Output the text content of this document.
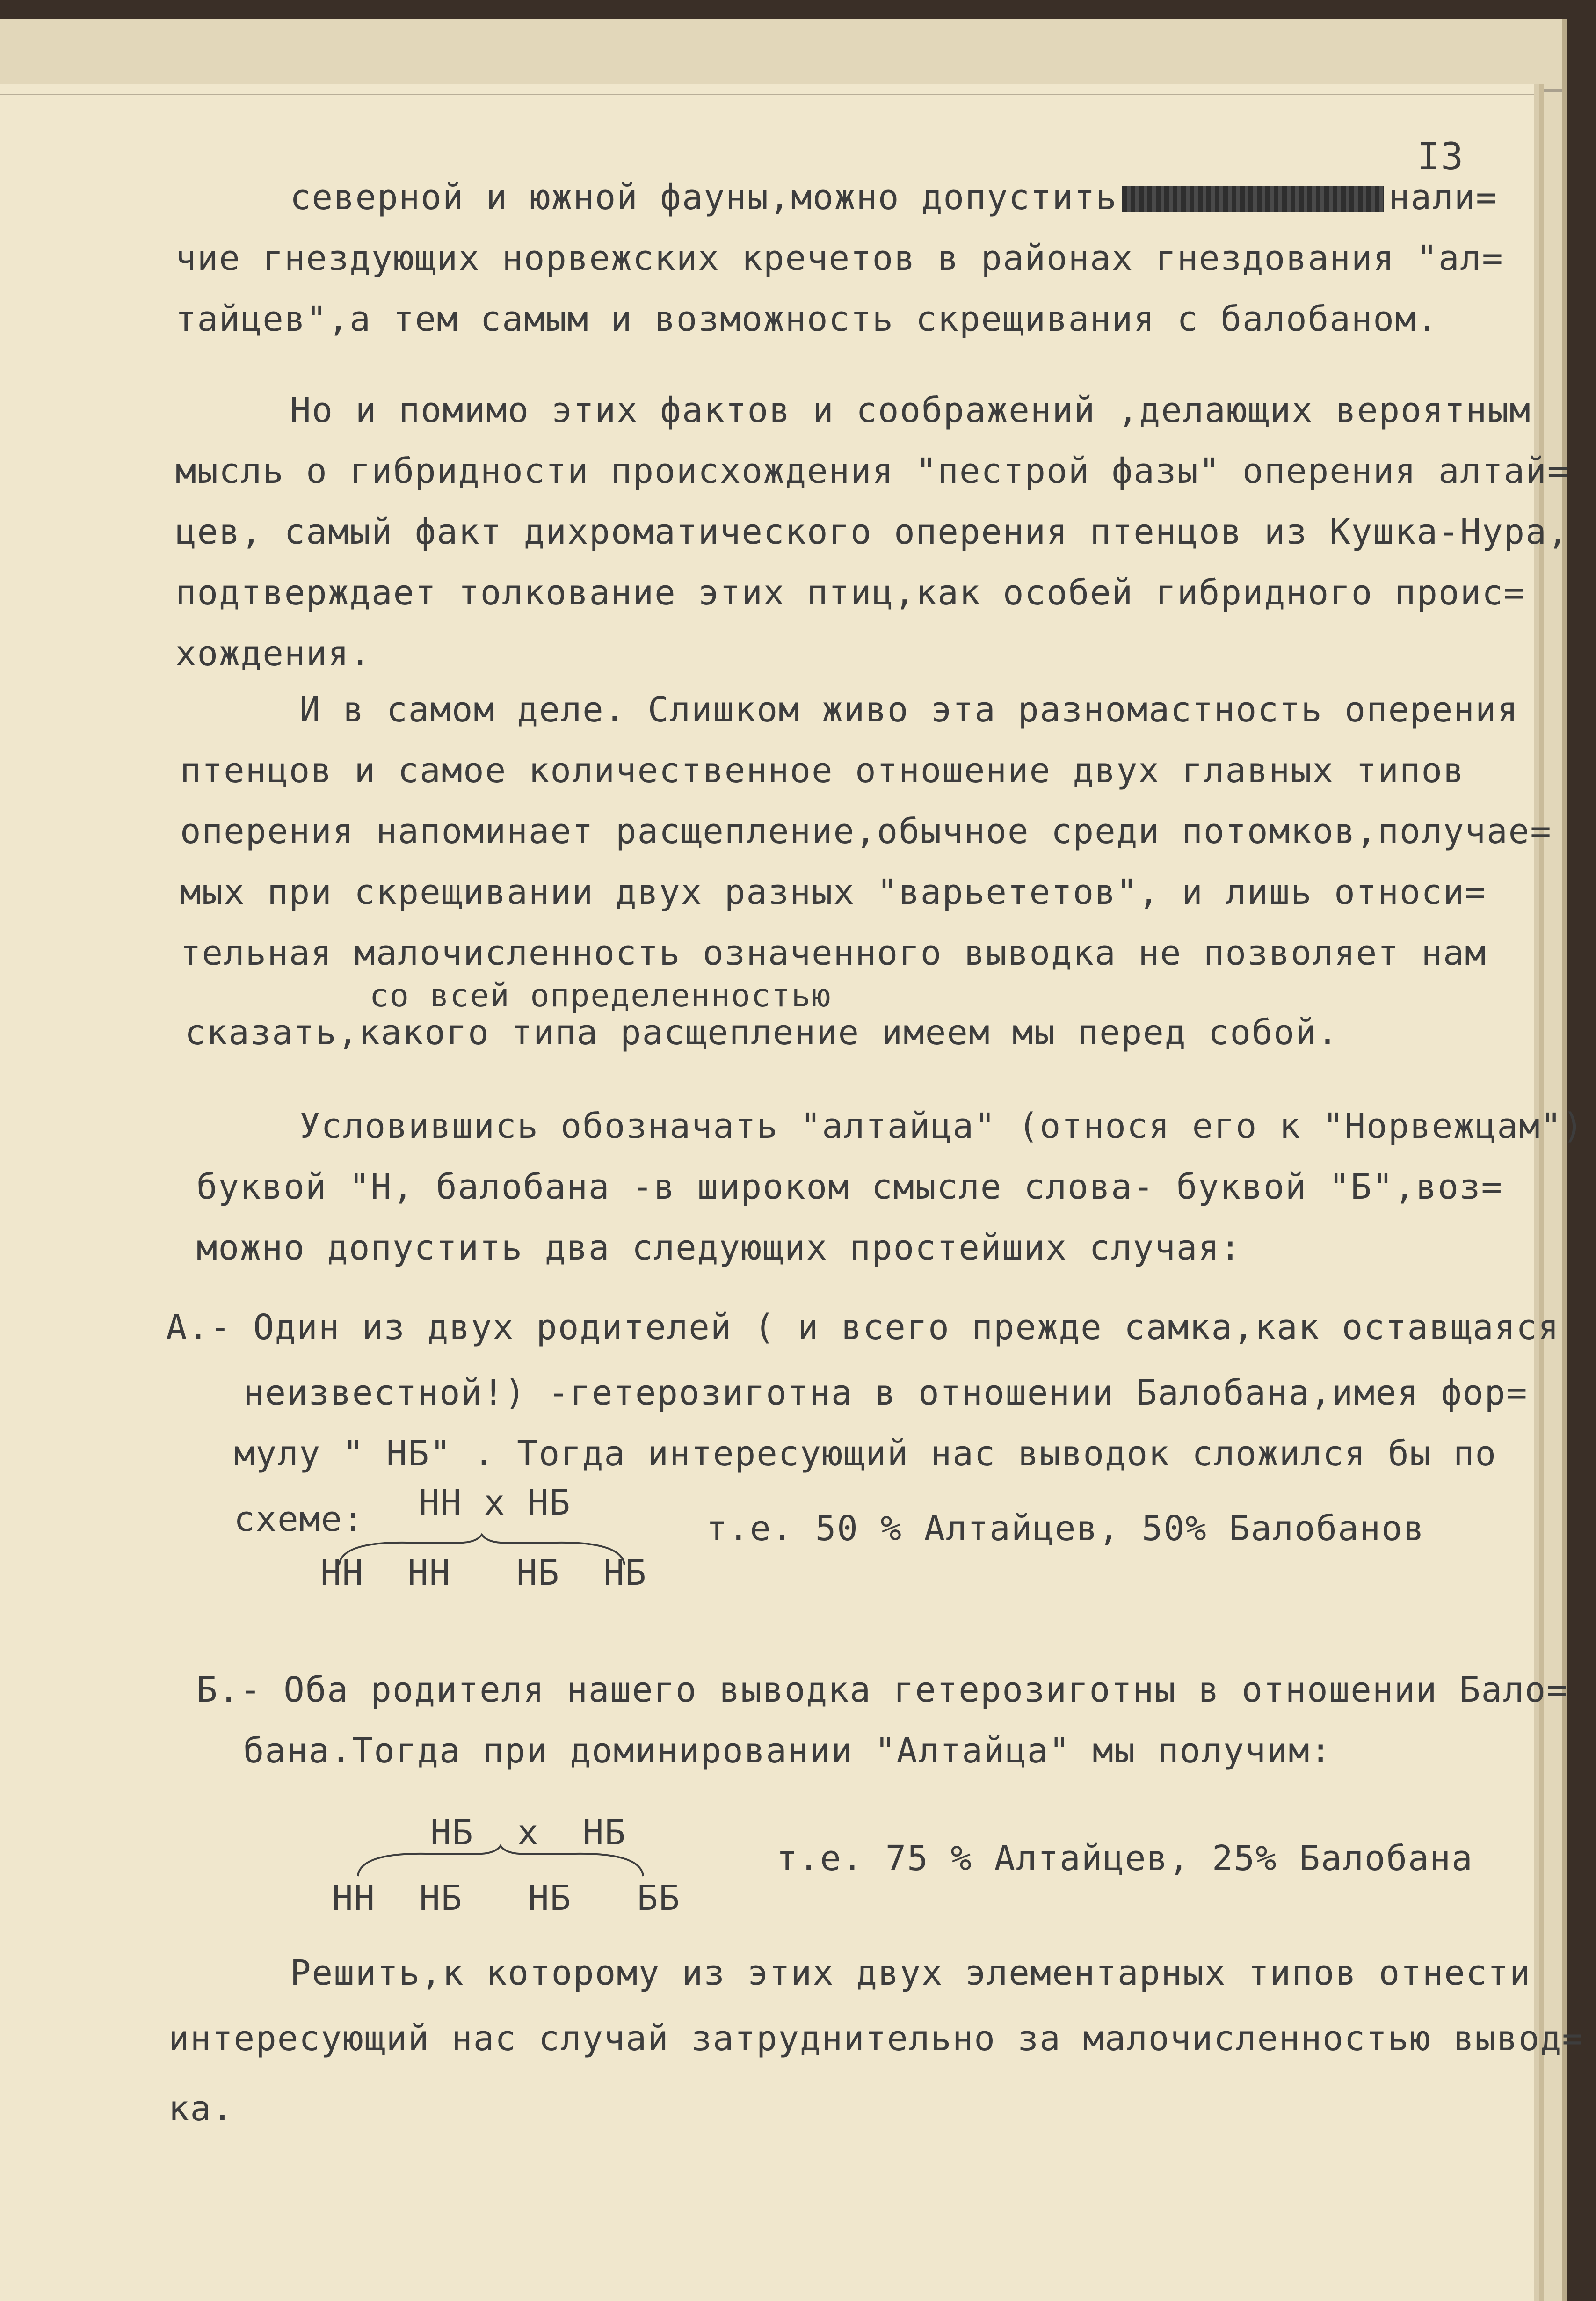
I3
северной и южной фауны,можно допустить	нали=
чие гнездующих норвежских кречетов в районах гнездования "ал=
тайцев",а тем самым и возможность скрещивания с балобаном.
Но и помимо этих фактов и соображений ,делающих вероятным
мысль о гибридности происхождения "пестрой фазы" оперения алтай=
цев, самый факт дихроматического оперения птенцов из Кушка-Нура,
подтверждает толкование этих птиц,как особей гибридного проис=
хождения.
И в самом деле. Слишком живо эта разномастность оперения
птенцов и самое количественное отношение двух главных типов
оперения напоминает расщепление,обычное среди потомков,получае=
мых при скрещивании двух разных "варьететов", и лишь относи=
тельная малочисленность означенного выводка не позволяет нам
со всей определенностью
сказать,какого типа расщепление имеем мы перед собой.
Условившись обозначать "алтайца" (относя его к "Норвежцам")
буквой "Н, балобана -в широком смысле слова- буквой "Б",воз=
можно допустить два следующих простейших случая:
А.- Один из двух родителей ( и всего прежде самка,как оставщаяся
неизвестной!) -гетерозиготна в отношении Балобана,имея фор=
мулу " НБ" . Тогда интересующий нас выводок сложился бы по
схеме: НН х НБ
т.е. 50 % Алтайцев, 50% Балобанов
НН  НН   НБ  НБ
Б.- Оба родителя нашего выводка гетерозиготны в отношении Бало=
бана.Тогда при доминировании "Алтайца" мы получим:
НБ  х  НБ
т.е. 75 % Алтайцев, 25% Балобана
НН  НБ   НБ   ББ
Решить,к которому из этих двух элементарных типов отнести
интересующий нас случай затруднительно за малочисленностью вывод=
ка.
